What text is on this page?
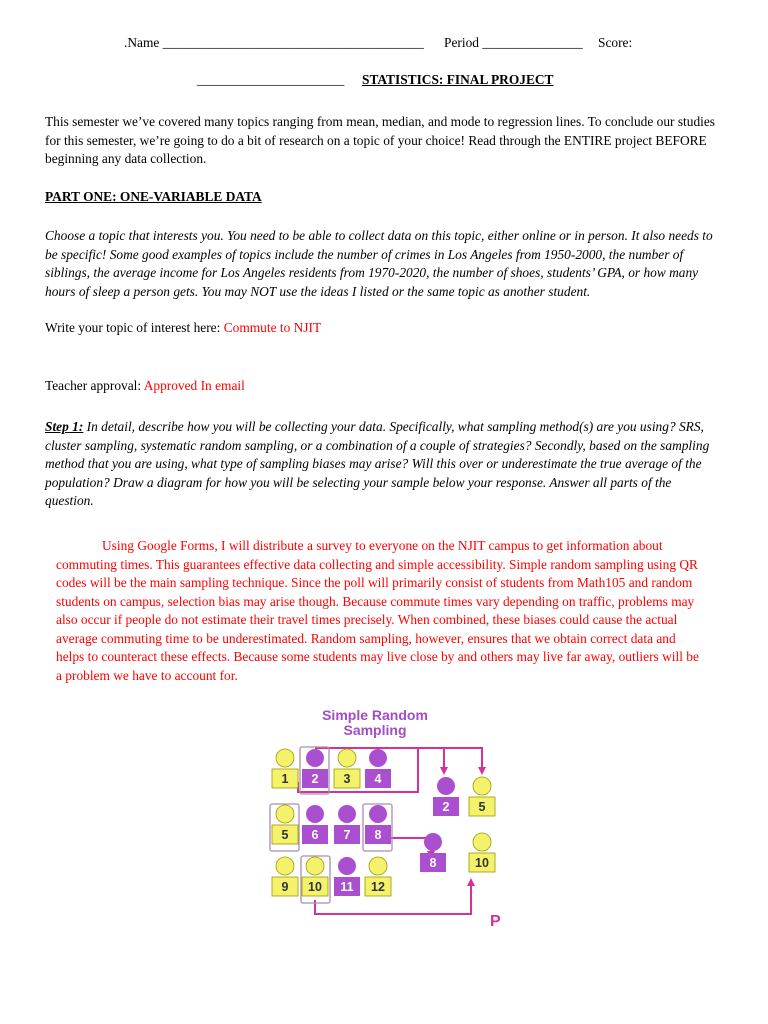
.Name _______________________________________ Period _______________ Score:
______________________ STATISTICS: FINAL PROJECT
This semester we’ve covered many topics ranging from mean, median, and mode to regression lines. To conclude our studies for this semester, we’re going to do a bit of research on a topic of your choice! Read through the ENTIRE project BEFORE beginning any data collection.
PART ONE: ONE-VARIABLE DATA
Choose a topic that interests you. You need to be able to collect data on this topic, either online or in person. It also needs to be specific! Some good examples of topics include the number of crimes in Los Angeles from 1950-2000, the number of siblings, the average income for Los Angeles residents from 1970-2020, the number of shoes, students’ GPA, or how many hours of sleep a person gets. You may NOT use the ideas I listed or the same topic as another student.
Write your topic of interest here: Commute to NJIT
Teacher approval: Approved In email
Step 1: In detail, describe how you will be collecting your data. Specifically, what sampling method(s) are you using? SRS, cluster sampling, systematic random sampling, or a combination of a couple of strategies? Secondly, based on the sampling method that you are using, what type of sampling biases may arise? Will this over or underestimate the true average of the population? Draw a diagram for how you will be selecting your sample below your response. Answer all parts of the question.
Using Google Forms, I will distribute a survey to everyone on the NJIT campus to get information about commuting times. This guarantees effective data collecting and simple accessibility. Simple random sampling using QR codes will be the main sampling technique. Since the poll will primarily consist of students from Math105 and random students on campus, selection bias may arise though. Because commute times vary depending on traffic, problems may also occur if people do not estimate their travel times precisely. When combined, these biases could cause the actual average commuting time to be underestimated. Random sampling, however, ensures that we obtain correct data and helps to counteract these effects. Because some students may live close by and others may live far away, outliers will be a problem we have to account for.
Simple Random
Sampling
1 2 3 4
5 6 7 8
9 10 11 12
2 5
8	10
P
